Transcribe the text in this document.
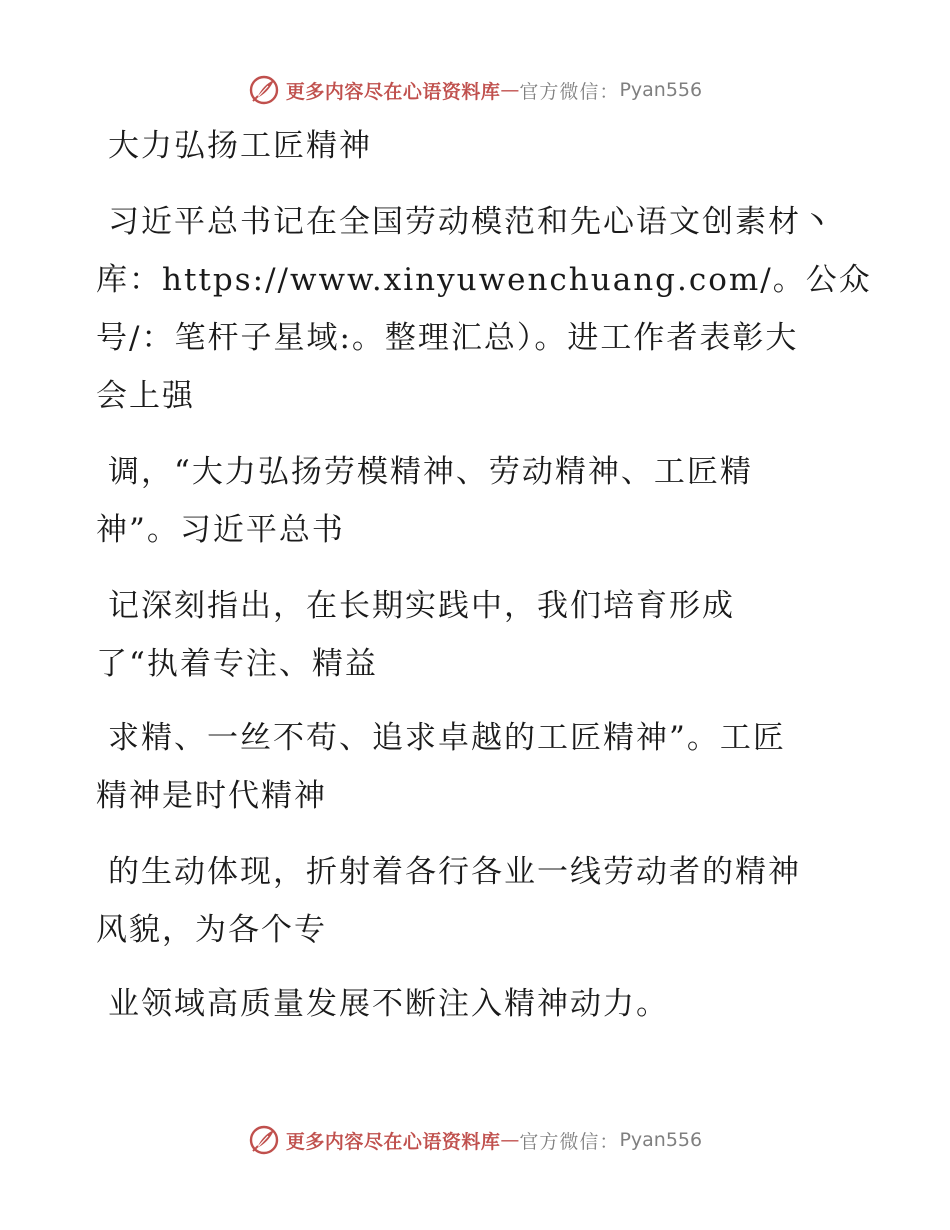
更多内容尽在心语资料库 — 官方微信： Pyan556
大力弘扬工匠精神

习近平总书记在全国劳动模范和先心语文创素材丶

库：https://www.xinyuwenchuang.com/。公众

号/：笔杆子星域:。整理汇总）。进工作者表彰大

会上强

调，“大力弘扬劳模精神、劳动精神、工匠精

神”。习近平总书

记深刻指出，在长期实践中，我们培育形成

了“执着专注、精益

求精、一丝不苟、追求卓越的工匠精神”。工匠

精神是时代精神

的生动体现，折射着各行各业一线劳动者的精神

风貌，为各个专

业领域高质量发展不断注入精神动力。

更多内容尽在心语资料库 — 官方微信： Pyan556
